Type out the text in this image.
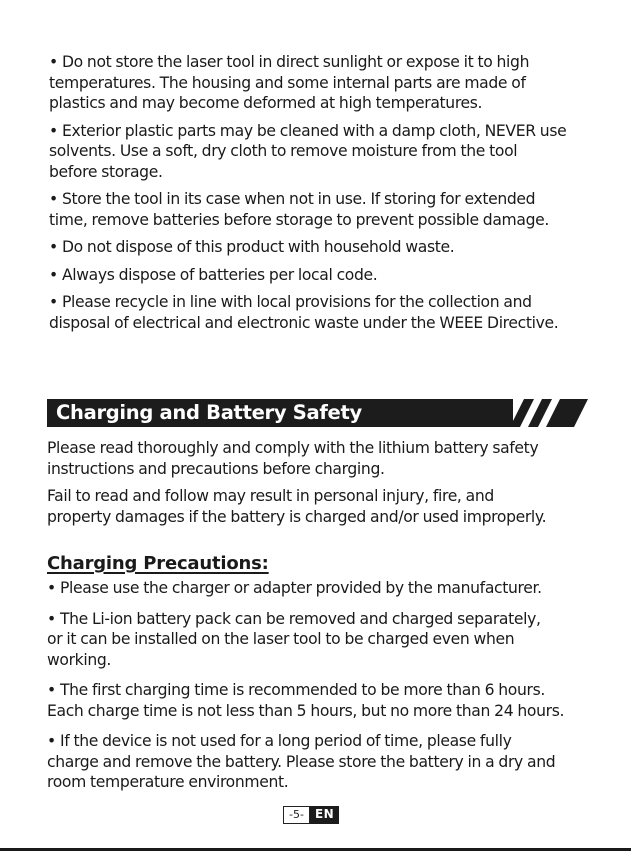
• Do not store the laser tool in direct sunlight or expose it to high
temperatures. The housing and some internal parts are made of
plastics and may become deformed at high temperatures.

• Exterior plastic parts may be cleaned with a damp cloth, NEVER use
solvents. Use a soft, dry cloth to remove moisture from the tool
before storage.

• Store the tool in its case when not in use. If storing for extended
time, remove batteries before storage to prevent possible damage.

• Do not dispose of this product with household waste.

• Always dispose of batteries per local code.

• Please recycle in line with local provisions for the collection and
disposal of electrical and electronic waste under the WEEE Directive.

Charging and Battery Safety

Please read thoroughly and comply with the lithium battery safety
instructions and precautions before charging.

Fail to read and follow may result in personal injury, fire, and
property damages if the battery is charged and/or used improperly.

Charging Precautions:

• Please use the charger or adapter provided by the manufacturer.

• The Li-ion battery pack can be removed and charged separately,
or it can be installed on the laser tool to be charged even when
working.

• The first charging time is recommended to be more than 6 hours.
Each charge time is not less than 5 hours, but no more than 24 hours.

• If the device is not used for a long period of time, please fully
charge and remove the battery. Please store the battery in a dry and
room temperature environment.

-5- EN
